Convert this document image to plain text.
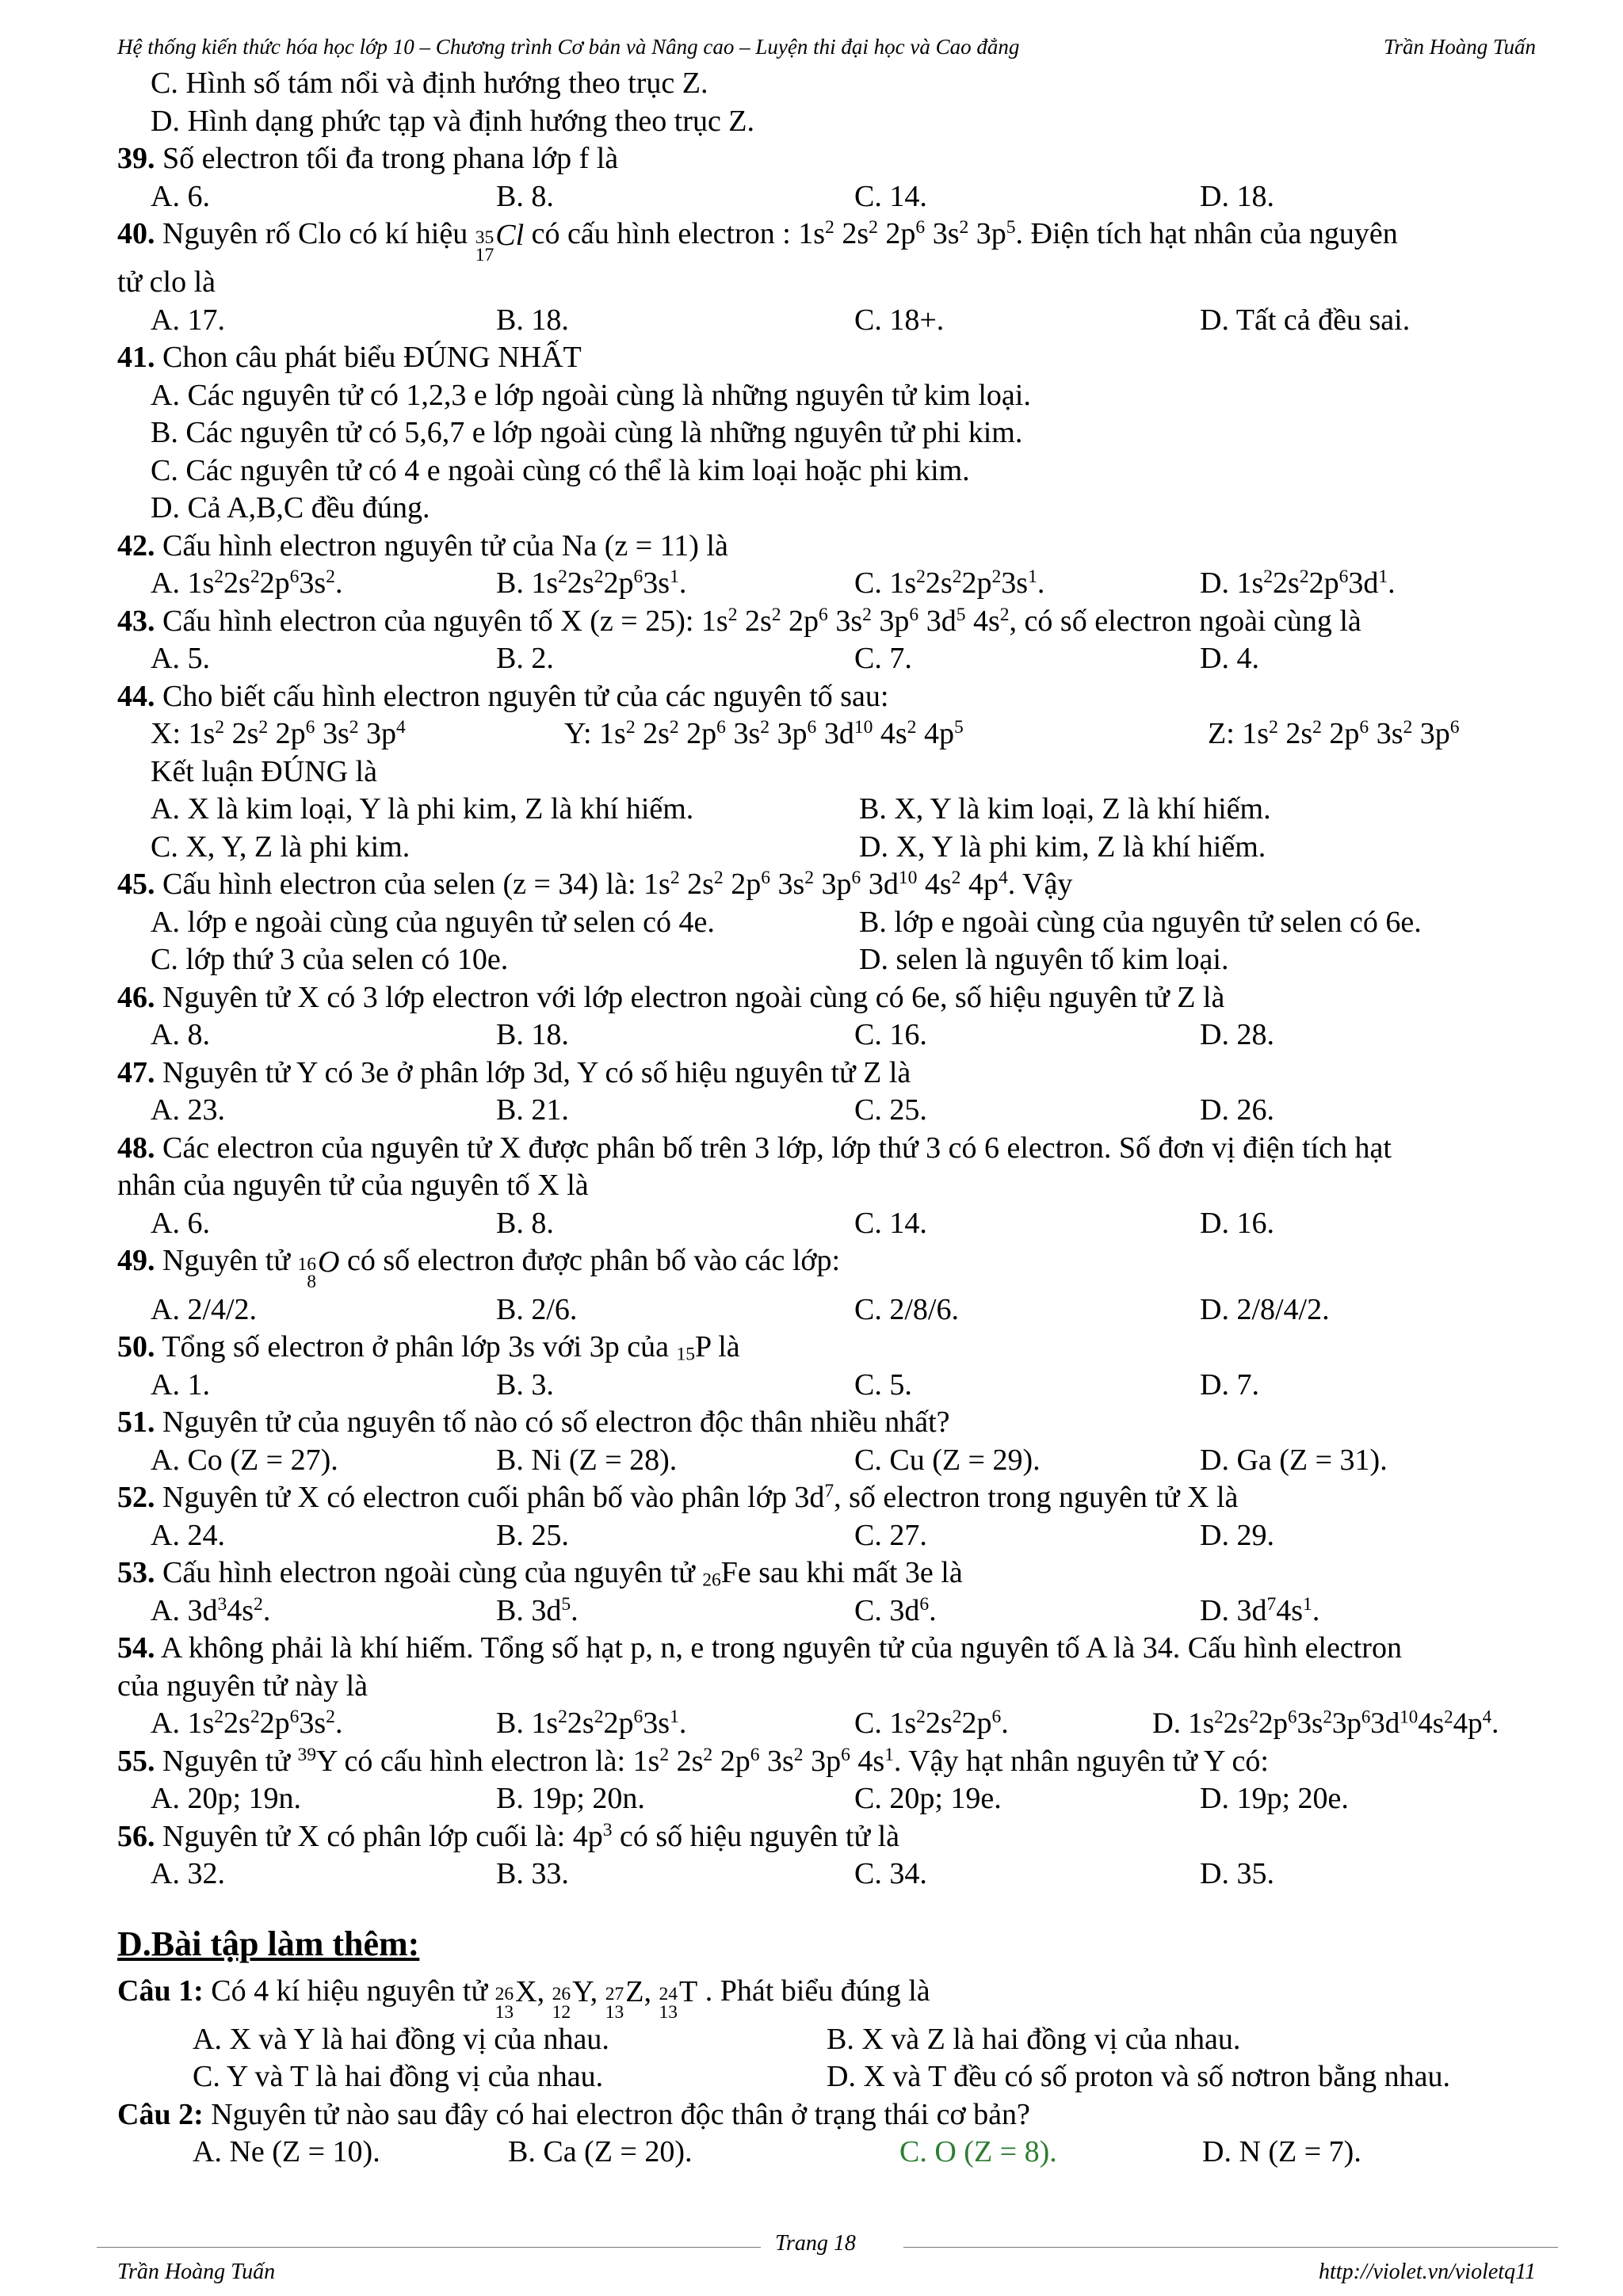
Hệ thống kiến thức hóa học lớp 10 – Chương trình Cơ bản và Nâng cao – Luyện thi đại học và Cao đẳng	Trần Hoàng Tuấn
C. Hình số tám nổi và định hướng theo trục Z.
D. Hình dạng phức tạp và định hướng theo trục Z.
39. Số electron tối đa trong phana lớp f là
A. 6.	B. 8.	C. 14.	D. 18.
40. Nguyên rố Clo có kí hiệu 35
17
Cl có cấu hình electron : $1s^2$ $2s^2$ $2p^6$ $3s^2$ $3p^5$. Điện tích hạt nhân của nguyên
tử clo là
A. 17.	B. 18.	C. 18+.	D. Tất cả đều sai.
41. Chon câu phát biểu ĐÚNG NHẤT
A. Các nguyên tử có 1,2,3 e lớp ngoài cùng là những nguyên tử kim loại.
B. Các nguyên tử có 5,6,7 e lớp ngoài cùng là những nguyên tử phi kim.
C. Các nguyên tử có 4 e ngoài cùng có thể là kim loại hoặc phi kim.
D. Cả A,B,C đều đúng.
42. Cấu hình electron nguyên tử của Na (z = 11) là
A. $1s^22s^22p^63s^2$.	B. $1s^22s^22p^63s^1$.	C. $1s^22s^22p^23s^1$.	D. $1s^22s^22p^63d^1$.
43. Cấu hình electron của nguyên tố X (z = 25): $1s^2$ $2s^2$ $2p^6$ $3s^2$ $3p^6$ $3d^5$ $4s^2$, có số electron ngoài cùng là
A. 5.	B. 2.	C. 7.	D. 4.
44. Cho biết cấu hình electron nguyên tử của các nguyên tố sau:
X: $1s^2$ $2s^2$ $2p^6$ $3s^2$ $3p^4$	Y: $1s^2$ $2s^2$ $2p^6$ $3s^2$ $3p^6$ $3d^{10}$ $4s^2$ $4p^5$	Z: $1s^2$ $2s^2$ $2p^6$ $3s^2$ $3p^6$
Kết luận ĐÚNG là
A. X là kim loại, Y là phi kim, Z là khí hiếm.	B. X, Y là kim loại, Z là khí hiếm.
C. X, Y, Z là phi kim.	D. X, Y là phi kim, Z là khí hiếm.
45. Cấu hình electron của selen (z = 34) là: $1s^2$ $2s^2$ $2p^6$ $3s^2$ $3p^6$ $3d^{10}$ $4s^2$ $4p^4$. Vậy
A. lớp e ngoài cùng của nguyên tử selen có 4e.	B. lớp e ngoài cùng của nguyên tử selen có 6e.
C. lớp thứ 3 của selen có 10e.	D. selen là nguyên tố kim loại.
46. Nguyên tử X có 3 lớp electron với lớp electron ngoài cùng có 6e, số hiệu nguyên tử Z là
A. 8.	B. 18.	C. 16.	D. 28.
47. Nguyên tử Y có 3e ở phân lớp 3d, Y có số hiệu nguyên tử Z là
A. 23.	B. 21.	C. 25.	D. 26.
48. Các electron của nguyên tử X được phân bố trên 3 lớp, lớp thứ 3 có 6 electron. Số đơn vị điện tích hạt
nhân của nguyên tử của nguyên tố X là
A. 6.	B. 8.	C. 14.	D. 16.
49. Nguyên tử 16
8
O có số electron được phân bố vào các lớp:
A. 2/4/2.	B. 2/6.	C. 2/8/6.	D. 2/8/4/2.
50. Tổng số electron ở phân lớp 3s với 3p của $_{15}$P là
A. 1.	B. 3.	C. 5.	D. 7.
51. Nguyên tử của nguyên tố nào có số electron độc thân nhiều nhất?
A. Co (Z = 27).	B. Ni (Z = 28).	C. Cu (Z = 29).	D. Ga (Z = 31).
52. Nguyên tử X có electron cuối phân bố vào phân lớp $3d^7$, số electron trong nguyên tử X là
A. 24.	B. 25.	C. 27.	D. 29.
53. Cấu hình electron ngoài cùng của nguyên tử $_{26}$Fe sau khi mất 3e là
A. $3d^34s^2$.	B. $3d^5$.	C. $3d^6$.	D. $3d^74s^1$.
54. A không phải là khí hiếm. Tổng số hạt p, n, e trong nguyên tử của nguyên tố A là 34. Cấu hình electron
của nguyên tử này là
A. $1s^22s^22p^63s^2$.	B. $1s^22s^22p^63s^1$.	C. $1s^22s^22p^6$.	D. $1s^22s^22p^63s^23p^63d^{10}4s^24p^4$.
55. Nguyên tử $^{39}$Y có cấu hình electron là: $1s^2$ $2s^2$ $2p^6$ $3s^2$ $3p^6$ $4s^1$. Vậy hạt nhân nguyên tử Y có:
A. 20p; 19n.	B. 19p; 20n.	C. 20p; 19e.	D. 19p; 20e.
56. Nguyên tử X có phân lớp cuối là: $4p^3$ có số hiệu nguyên tử là
A. 32.	B. 33.	C. 34.	D. 35.
D.Bài tập làm thêm:
Câu 1: Có 4 kí hiệu nguyên tử 26
13
X, 26
12
Y, 27
13
Z, 24
13
T . Phát biểu đúng là
A. X và Y là hai đồng vị của nhau.	B. X và Z là hai đồng vị của nhau.
C. Y và T là hai đồng vị của nhau.	D. X và T đều có số proton và số nơtron bằng nhau.
Câu 2: Nguyên tử nào sau đây có hai electron độc thân ở trạng thái cơ bản?
A. Ne (Z = 10).	B. Ca (Z = 20).	C. O (Z = 8).	D. N (Z = 7).
Trang 18
Trần Hoàng Tuấn	http://violet.vn/violetq11
